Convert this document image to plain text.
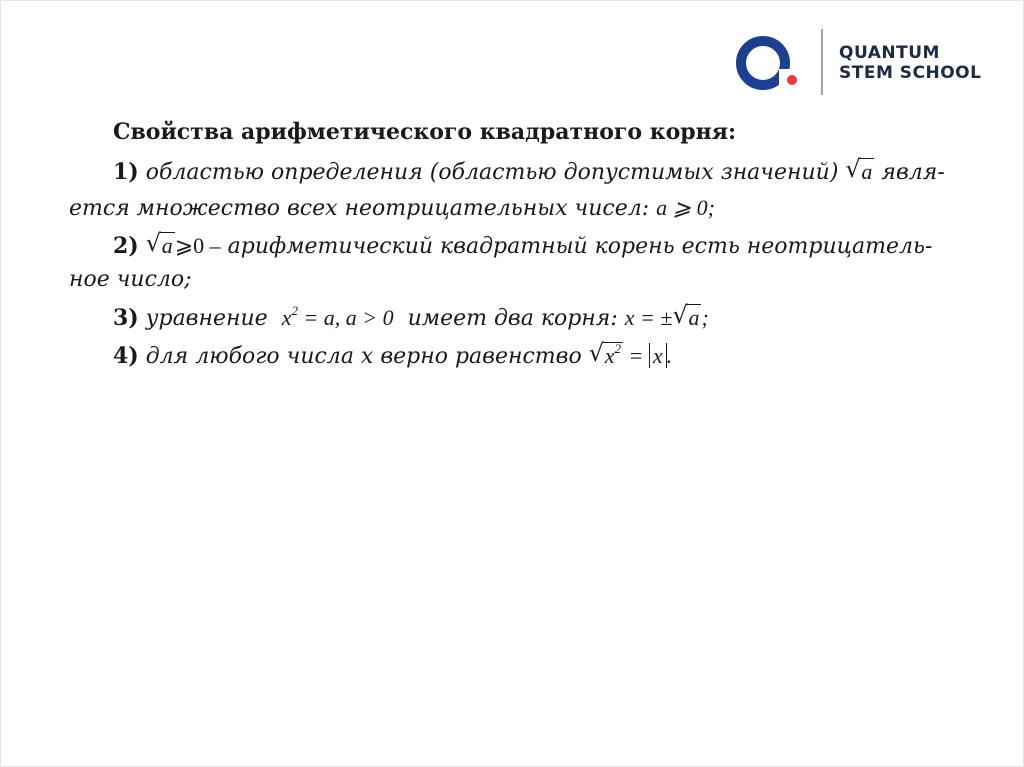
QUANTUM
STEM SCHOOL
Свойства арифметического квадратного корня:
1) областью определения (областью допустимых значений) √ a явля-
ется множество всех неотрицательных чисел: a ⩾ 0;
2) √ a⩾0 – арифметический квадратный корень есть неотрицатель-
ное число;
3) уравнение $x^2 = a$, a > 0 имеет два корня: x = ± √ a;
4) для любого числа x верно равенство √ $x^2 = x$ .
